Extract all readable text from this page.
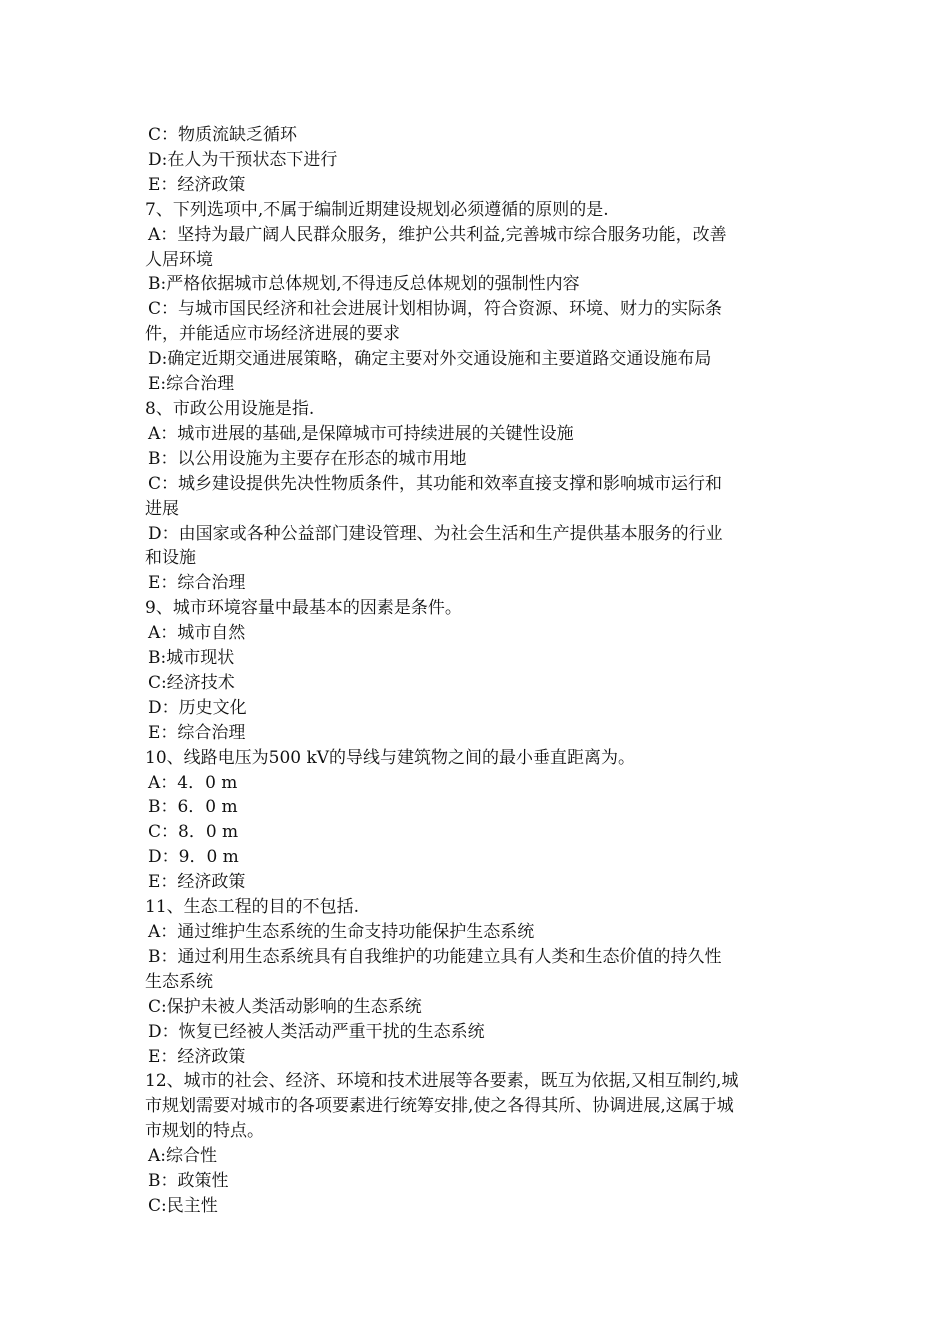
C：物质流缺乏循环

D:在人为干预状态下进行

E：经济政策

7、下列选项中,不属于编制近期建设规划必须遵循的原则的是.

A：坚持为最广阔人民群众服务，维护公共利益,完善城市综合服务功能，改善

人居环境

B:严格依据城市总体规划,不得违反总体规划的强制性内容

C：与城市国民经济和社会进展计划相协调，符合资源、环境、财力的实际条

件，并能适应市场经济进展的要求

D:确定近期交通进展策略，确定主要对外交通设施和主要道路交通设施布局

E:综合治理

8、市政公用设施是指.

A：城市进展的基础,是保障城市可持续进展的关键性设施

B：以公用设施为主要存在形态的城市用地

C：城乡建设提供先决性物质条件，其功能和效率直接支撑和影响城市运行和

进展

D：由国家或各种公益部门建设管理、为社会生活和生产提供基本服务的行业

和设施

E：综合治理

9、城市环境容量中最基本的因素是条件。

A：城市自然

B:城市现状

C:经济技术

D：历史文化

E：综合治理

10、线路电压为500 kV的导线与建筑物之间的最小垂直距离为。

A：4．0 m

B：6．0 m

C：8．0 m

D：9．0 m

E：经济政策

11、生态工程的目的不包括.

A：通过维护生态系统的生命支持功能保护生态系统

B：通过利用生态系统具有自我维护的功能建立具有人类和生态价值的持久性

生态系统

C:保护未被人类活动影响的生态系统

D：恢复已经被人类活动严重干扰的生态系统

E：经济政策

12、城市的社会、经济、环境和技术进展等各要素，既互为依据,又相互制约,城

市规划需要对城市的各项要素进行统筹安排,使之各得其所、协调进展,这属于城

市规划的特点。

A:综合性

B：政策性

C:民主性
